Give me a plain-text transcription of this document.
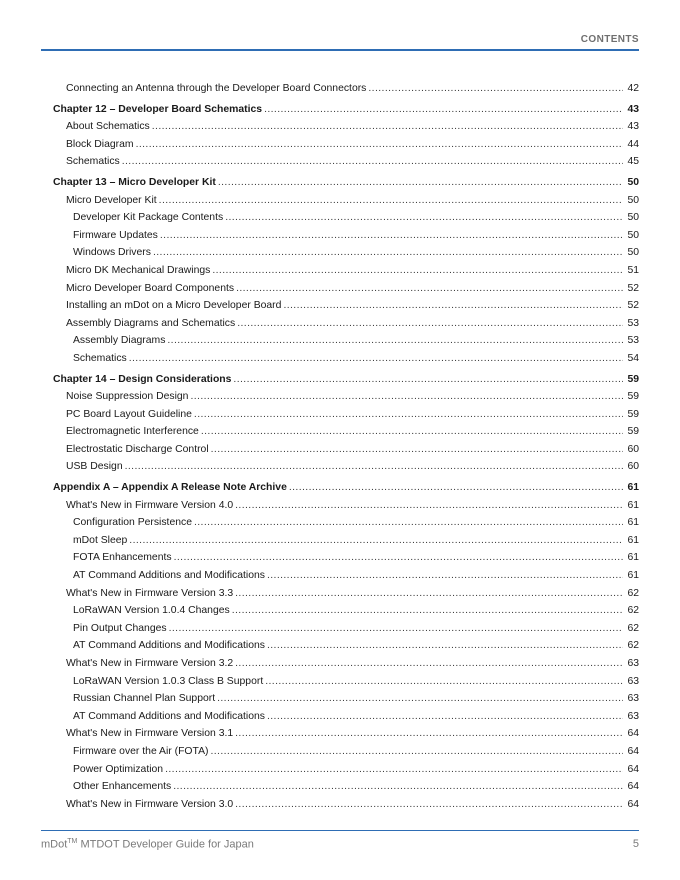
CONTENTS
Connecting an Antenna through the Developer Board Connectors .....	42
Chapter 12 – Developer Board Schematics .....	43
About Schematics .....	43
Block Diagram .....	44
Schematics .....	45
Chapter 13 – Micro Developer Kit .....	50
Micro Developer Kit .....	50
Developer Kit Package Contents .....	50
Firmware Updates .....	50
Windows Drivers .....	50
Micro DK Mechanical Drawings .....	51
Micro Developer Board Components .....	52
Installing an mDot on a Micro Developer Board .....	52
Assembly Diagrams and Schematics .....	53
Assembly Diagrams .....	53
Schematics .....	54
Chapter 14 – Design Considerations .....	59
Noise Suppression Design .....	59
PC Board Layout Guideline .....	59
Electromagnetic Interference .....	59
Electrostatic Discharge Control .....	60
USB Design .....	60
Appendix A – Appendix A Release Note Archive .....	61
What's New in Firmware Version 4.0 .....	61
Configuration Persistence .....	61
mDot Sleep .....	61
FOTA Enhancements .....	61
AT Command Additions and Modifications .....	61
What's New in Firmware Version 3.3 .....	62
LoRaWAN Version 1.0.4 Changes .....	62
Pin Output Changes .....	62
AT Command Additions and Modifications .....	62
What's New in Firmware Version 3.2 .....	63
LoRaWAN Version 1.0.3 Class B Support .....	63
Russian Channel Plan Support .....	63
AT Command Additions and Modifications .....	63
What's New in Firmware Version 3.1 .....	64
Firmware over the Air (FOTA) .....	64
Power Optimization .....	64
Other Enhancements .....	64
What's New in Firmware Version 3.0 .....	64
mDot™ MTDOT Developer Guide for Japan	5
